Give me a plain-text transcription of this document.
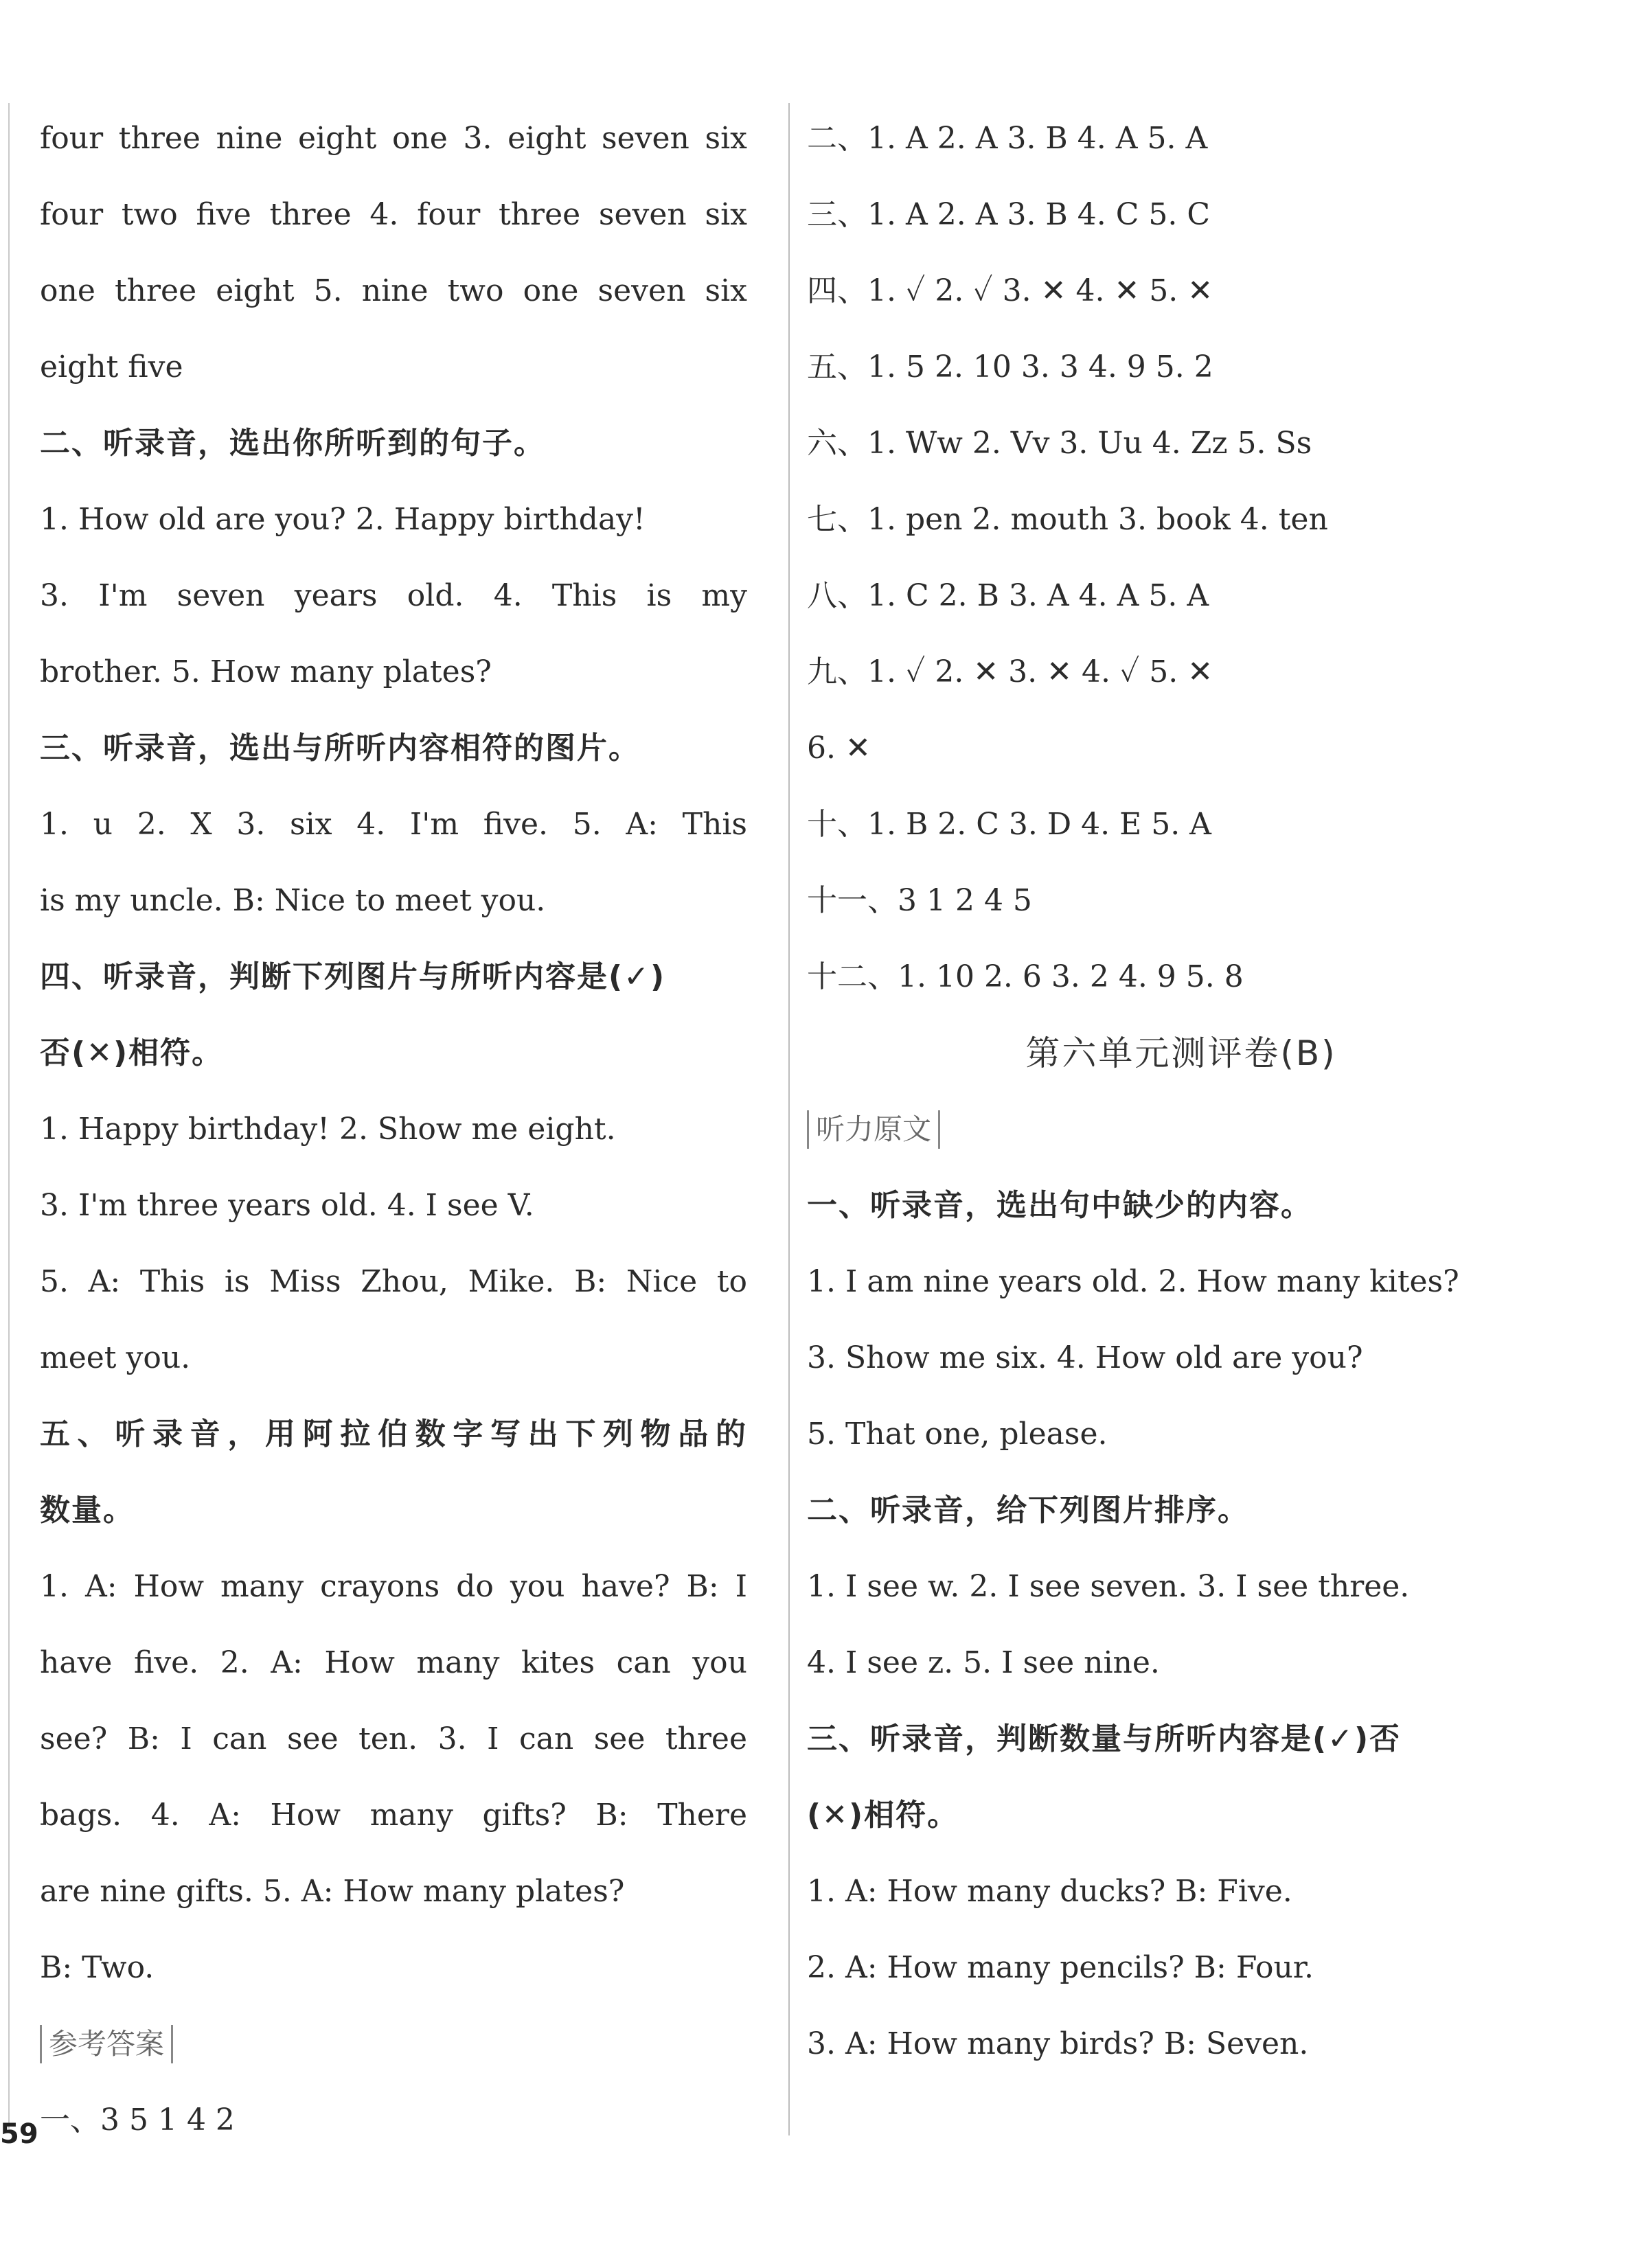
four three nine eight one 3. eight seven six
four two five three 4. four three seven six
one three eight 5. nine two one seven six
eight five
二、听录音，选出你所听到的句子。
1. How old are you? 2. Happy birthday!
3. I'm seven years old. 4. This is my
brother. 5. How many plates?
三、听录音，选出与所听内容相符的图片。
1. u 2. X 3. six 4. I'm five. 5. A: This
is my uncle. B: Nice to meet you.
四、听录音，判断下列图片与所听内容是(✓)
否(✕)相符。
1. Happy birthday! 2. Show me eight.
3. I'm three years old. 4. I see V.
5. A: This is Miss Zhou, Mike. B: Nice to
meet you.
五、听录音，用阿拉伯数字写出下列物品的
数量。
1. A: How many crayons do you have? B: I
have five. 2. A: How many kites can you
see? B: I can see ten. 3. I can see three
bags. 4. A: How many gifts? B: There
are nine gifts. 5. A: How many plates?
B: Two.
参考答案
一、3 5 1 4 2
二、1. A 2. A 3. B 4. A 5. A
三、1. A 2. A 3. B 4. C 5. C
四、1. ✓ 2. ✓ 3. ✕ 4. ✕ 5. ✕
五、1. 5 2. 10 3. 3 4. 9 5. 2
六、1. Ww 2. Vv 3. Uu 4. Zz 5. Ss
七、1. pen 2. mouth 3. book 4. ten
八、1. C 2. B 3. A 4. A 5. A
九、1. ✓ 2. ✕ 3. ✕ 4. ✓ 5. ✕
6. ✕
十、1. B 2. C 3. D 4. E 5. A
十一、3 1 2 4 5
十二、1. 10 2. 6 3. 2 4. 9 5. 8
第六单元测评卷(B)
听力原文
一、听录音，选出句中缺少的内容。
1. I am nine years old. 2. How many kites?
3. Show me six. 4. How old are you?
5. That one, please.
二、听录音，给下列图片排序。
1. I see w. 2. I see seven. 3. I see three.
4. I see z. 5. I see nine.
三、听录音，判断数量与所听内容是(✓)否
(✕)相符。
1. A: How many ducks? B: Five.
2. A: How many pencils? B: Four.
3. A: How many birds? B: Seven.
59
